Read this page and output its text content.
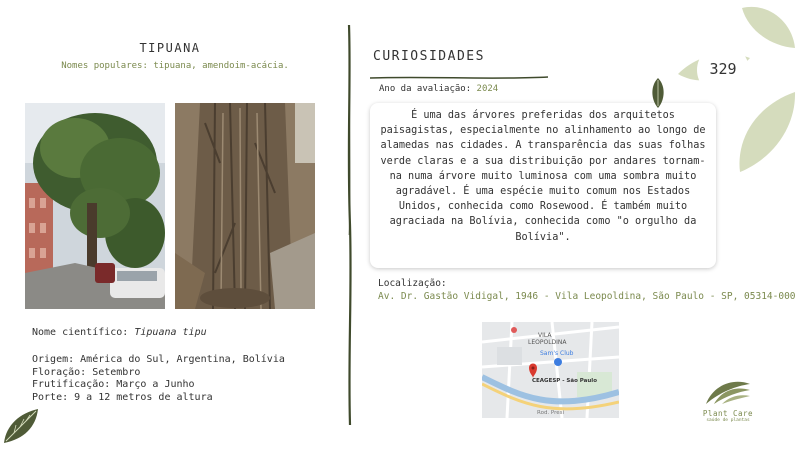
TIPUANA
Nomes populares: tipuana, amendoim-acácia.
Nome científico: Tipuana tipu
Origem: América do Sul, Argentina, Bolívia
Floração: Setembro
Frutificação: Março a Junho
Porte: 9 a 12 metros de altura
CURIOSIDADES
Ano da avaliação: 2024
É uma das árvores preferidas dos arquitetos paisagistas, especialmente no alinhamento ao longo de alamedas nas cidades. A transparência das suas folhas verde claras e a sua distribuição por andares tornam-na numa árvore muito luminosa com uma sombra muito agradável. É uma espécie muito comum nos Estados Unidos, conhecida como Rosewood. É também muito agraciada na Bolívia, conhecida como "o orgulho da Bolívia".
Localização:
Av. Dr. Gastão Vidigal, 1946 - Vila Leopoldina, São Paulo - SP, 05314-000
VILA
LEOPOLDINA
Sam's Club
CEAGESP - São Paulo
Rod. Presi
329
Plant Care
saúde de plantas
